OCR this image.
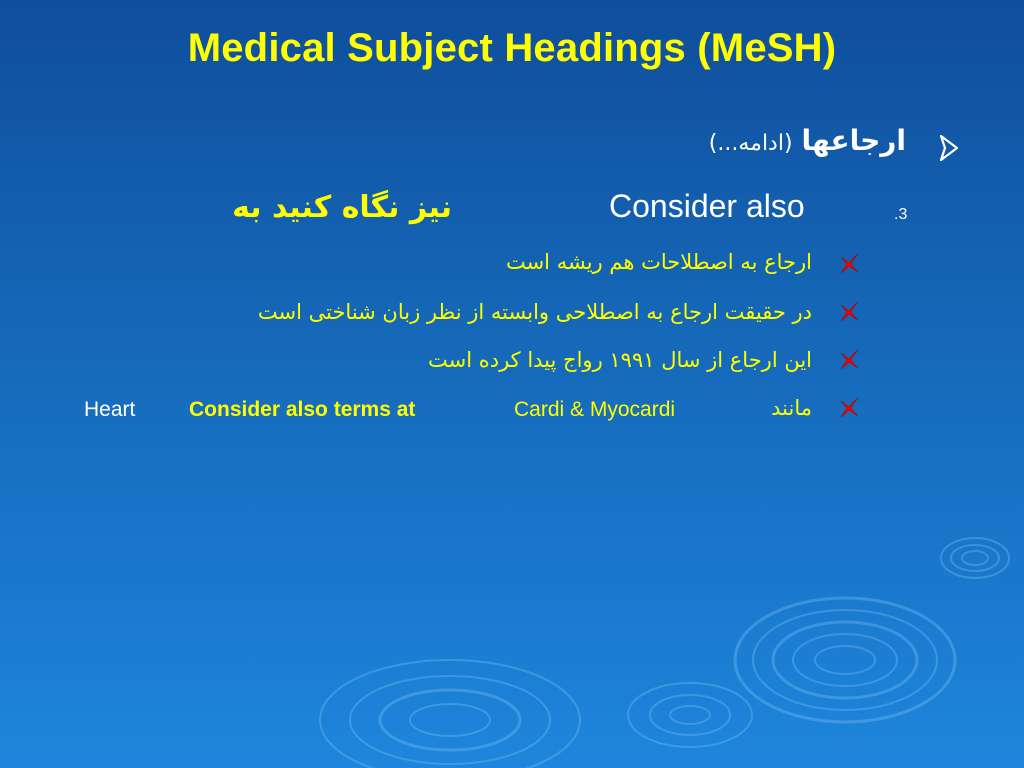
Medical Subject Headings (MeSH)
ارجاعها (ادامه...)
.3
Consider also
نیز نگاه کنید به
ارجاع به اصطلاحات هم ریشه است
در حقیقت ارجاع به اصطلاحی وابسته از نظر زبان شناختی است
این ارجاع از سال ۱۹۹۱ رواج پیدا کرده است
مانند
Cardi & Myocardi
Consider also terms at
Heart
